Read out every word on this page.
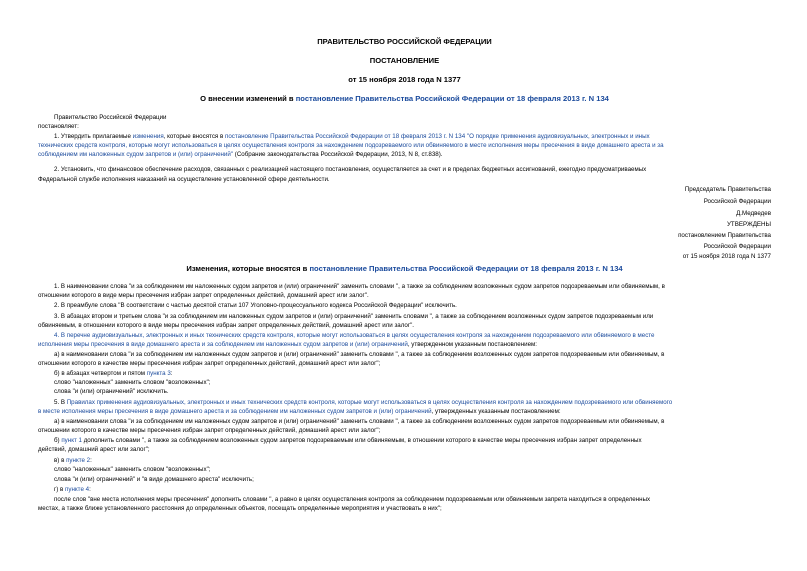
ПРАВИТЕЛЬСТВО РОССИЙСКОЙ ФЕДЕРАЦИИ
ПОСТАНОВЛЕНИЕ
от 15 ноября 2018 года N 1377
О внесении изменений в постановление Правительства Российской Федерации от 18 февраля 2013 г. N 134
Правительство Российской Федерации
постановляет:
1. Утвердить прилагаемые изменения, которые вносятся в постановление Правительства Российской Федерации от 18 февраля 2013 г. N 134 "О порядке применения аудиовизуальных, электронных и иных
технических средств контроля, которые могут использоваться в целях осуществления контроля за нахождением подозреваемого или обвиняемого в месте исполнения меры пресечения в виде домашнего ареста и за
соблюдением им наложенных судом запретов и (или) ограничений" (Собрание законодательства Российской Федерации, 2013, N 8, ст.838).
2. Установить, что финансовое обеспечение расходов, связанных с реализацией настоящего постановления, осуществляется за счет и в пределах бюджетных ассигнований, ежегодно предусматриваемых
Федеральной службе исполнения наказаний на осуществление установленной сфере деятельности.
Председатель Правительства
Российской Федерации
Д.Медведев
УТВЕРЖДЕНЫ
постановлением Правительства
Российской Федерации
от 15 ноября 2018 года N 1377
Изменения, которые вносятся в постановление Правительства Российской Федерации от 18 февраля 2013 г. N 134
1. В наименовании слова "и за соблюдением им наложенных судом запретов и (или) ограничений" заменить словами ", а также за соблюдением возложенных судом запретов подозреваемым или обвиняемым, в
отношении которого в виде меры пресечения избран запрет определенных действий, домашний арест или залог".
2. В преамбуле слова "В соответствии с частью десятой статьи 107 Уголовно-процессуального кодекса Российской Федерации" исключить.
3. В абзацах втором и третьем слова "и за соблюдением им наложенных судом запретов и (или) ограничений" заменить словами ", а также за соблюдением возложенных судом запретов подозреваемым или
обвиняемым, в отношении которого в виде меры пресечения избран запрет определенных действий, домашний арест или залог".
4. В перечне аудиовизуальных, электронных и иных технических средств контроля, которые могут использоваться в целях осуществления контроля за нахождением подозреваемого или обвиняемого в месте
исполнения меры пресечения в виде домашнего ареста и за соблюдением им наложенных судом запретов и (или) ограничений, утвержденном указанным постановлением:
а) в наименовании слова "и за соблюдением им наложенных судом запретов и (или) ограничений" заменить словами ", а также за соблюдением возложенных судом запретов подозреваемым или обвиняемым, в
отношении которого в качестве меры пресечения избран запрет определенных действий, домашний арест или залог";
б) в абзацах четвертом и пятом пункта 3:
слово "наложенных" заменить словом "возложенных";
слова "и (или) ограничений" исключить.
5. В Правилах применения аудиовизуальных, электронных и иных технических средств контроля, которые могут использоваться в целях осуществления контроля за нахождением подозреваемого или обвиняемого
в месте исполнения меры пресечения в виде домашнего ареста и за соблюдением им наложенных судом запретов и (или) ограничений, утвержденных указанным постановлением:
а) в наименовании слова "и за соблюдением им наложенных судом запретов и (или) ограничений" заменить словами ", а также за соблюдением возложенных судом запретов подозреваемым или обвиняемым, в
отношении которого в качестве меры пресечения избран запрет определенных действий, домашний арест или залог";
б) пункт 1 дополнить словами ", а также за соблюдением возложенных судом запретов подозреваемым или обвиняемым, в отношении которого в качестве меры пресечения избран запрет определенных
действий, домашний арест или залог";
в) в пункте 2:
слово "наложенных" заменить словом "возложенных";
слова "и (или) ограничений" и "в виде домашнего ареста" исключить;
г) в пункте 4:
после слов "вне места исполнения меры пресечения" дополнить словами ", а равно в целях осуществления контроля за соблюдением подозреваемым или обвиняемым запрета находиться в определенных
местах, а также ближе установленного расстояния до определенных объектов, посещать определенные мероприятия и участвовать в них";
